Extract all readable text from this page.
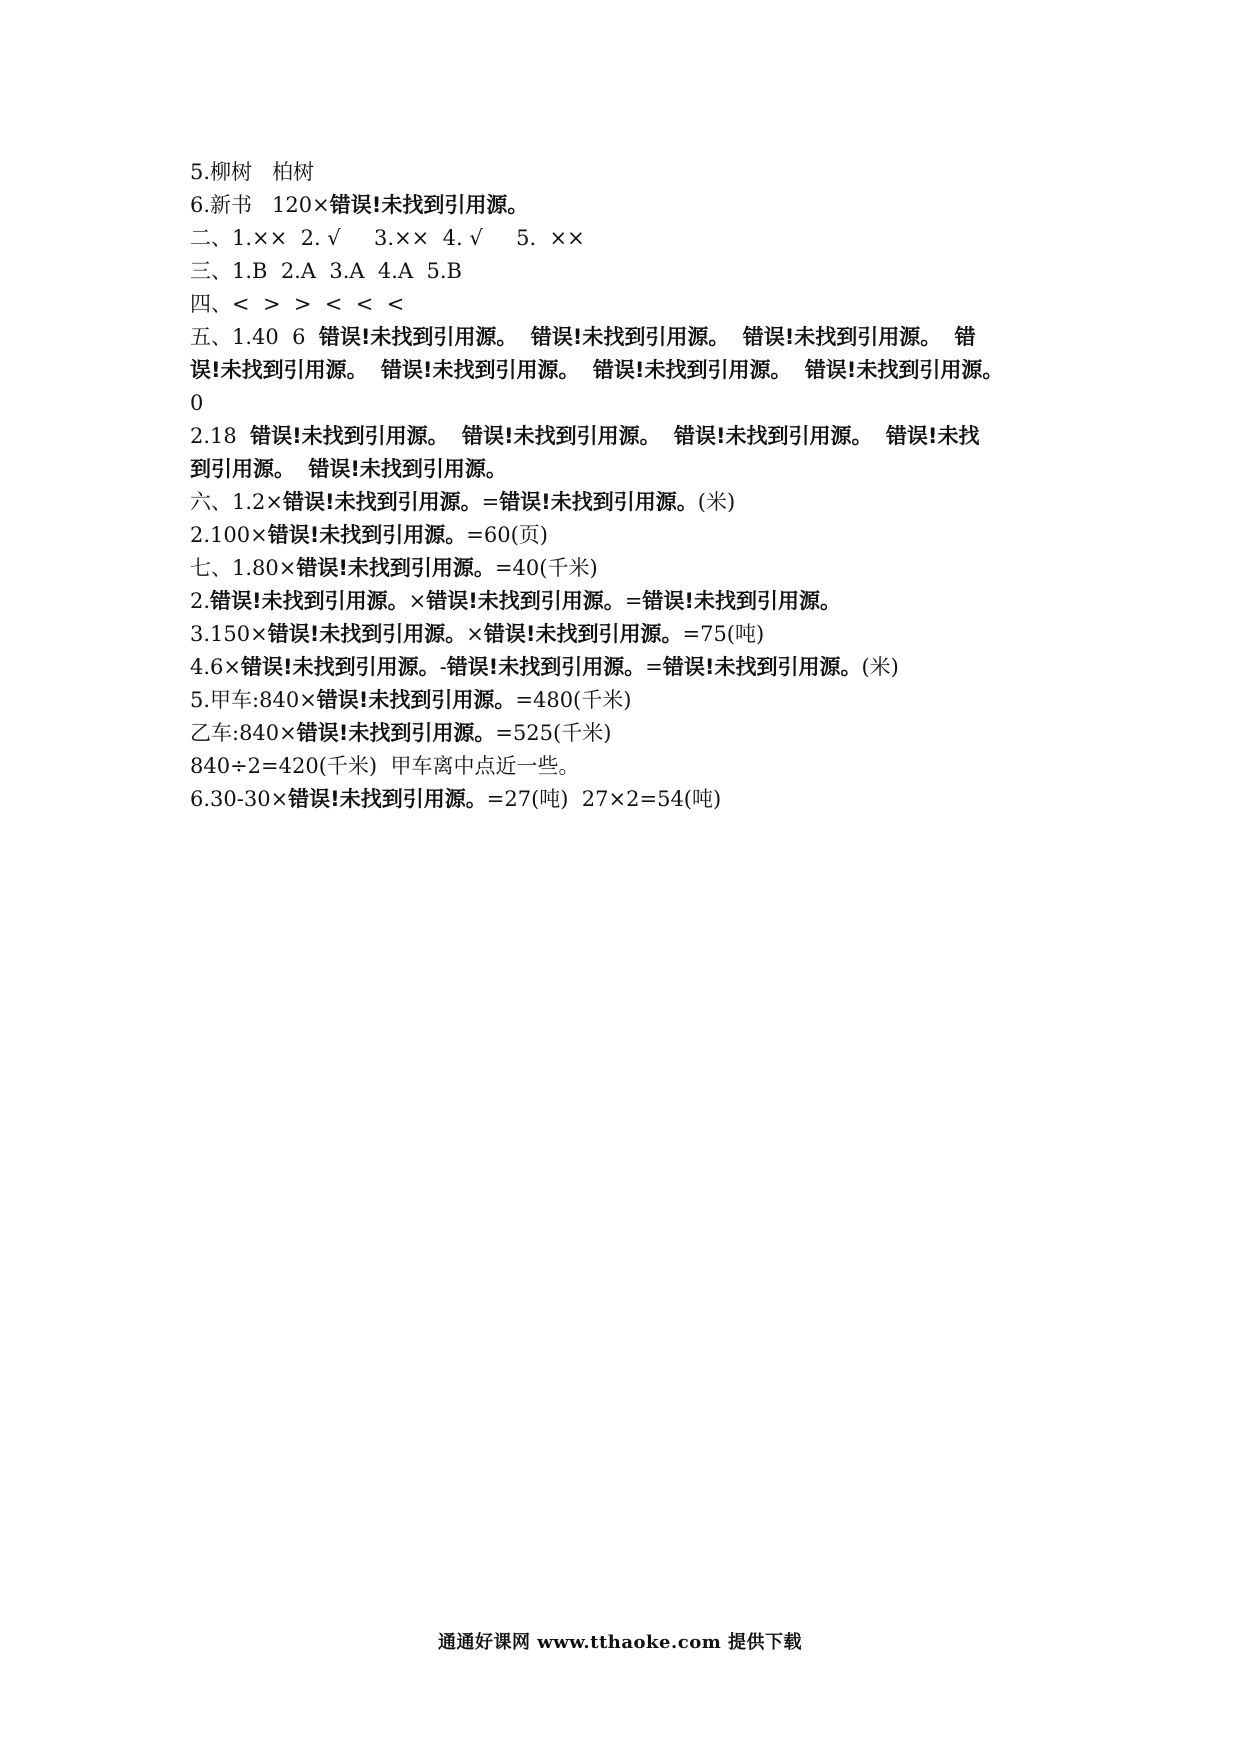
5.柳树   柏树
6.新书   120×错误!未找到引用源。
二、1.××  2. √     3.××  4. √     5.  ××
三、1.B  2.A  3.A  4.A  5.B
四、<  >  >  <  <  <
五、1.40  6  错误!未找到引用源。 错误!未找到引用源。 错误!未找到引用源。 错
误!未找到引用源。 错误!未找到引用源。 错误!未找到引用源。 错误!未找到引用源。
0
2.18  错误!未找到引用源。 错误!未找到引用源。 错误!未找到引用源。 错误!未找
到引用源。 错误!未找到引用源。
六、1.2×错误!未找到引用源。=错误!未找到引用源。(米)
2.100×错误!未找到引用源。=60(页)
七、1.80×错误!未找到引用源。=40(千米)
2.错误!未找到引用源。×错误!未找到引用源。=错误!未找到引用源。
3.150×错误!未找到引用源。×错误!未找到引用源。=75(吨)
4.6×错误!未找到引用源。-错误!未找到引用源。=错误!未找到引用源。(米)
5.甲车:840×错误!未找到引用源。=480(千米)
乙车:840×错误!未找到引用源。=525(千米)
840÷2=420(千米)  甲车离中点近一些。
6.30-30×错误!未找到引用源。=27(吨)  27×2=54(吨)
通通好课网 www.tthaoke.com 提供下载
